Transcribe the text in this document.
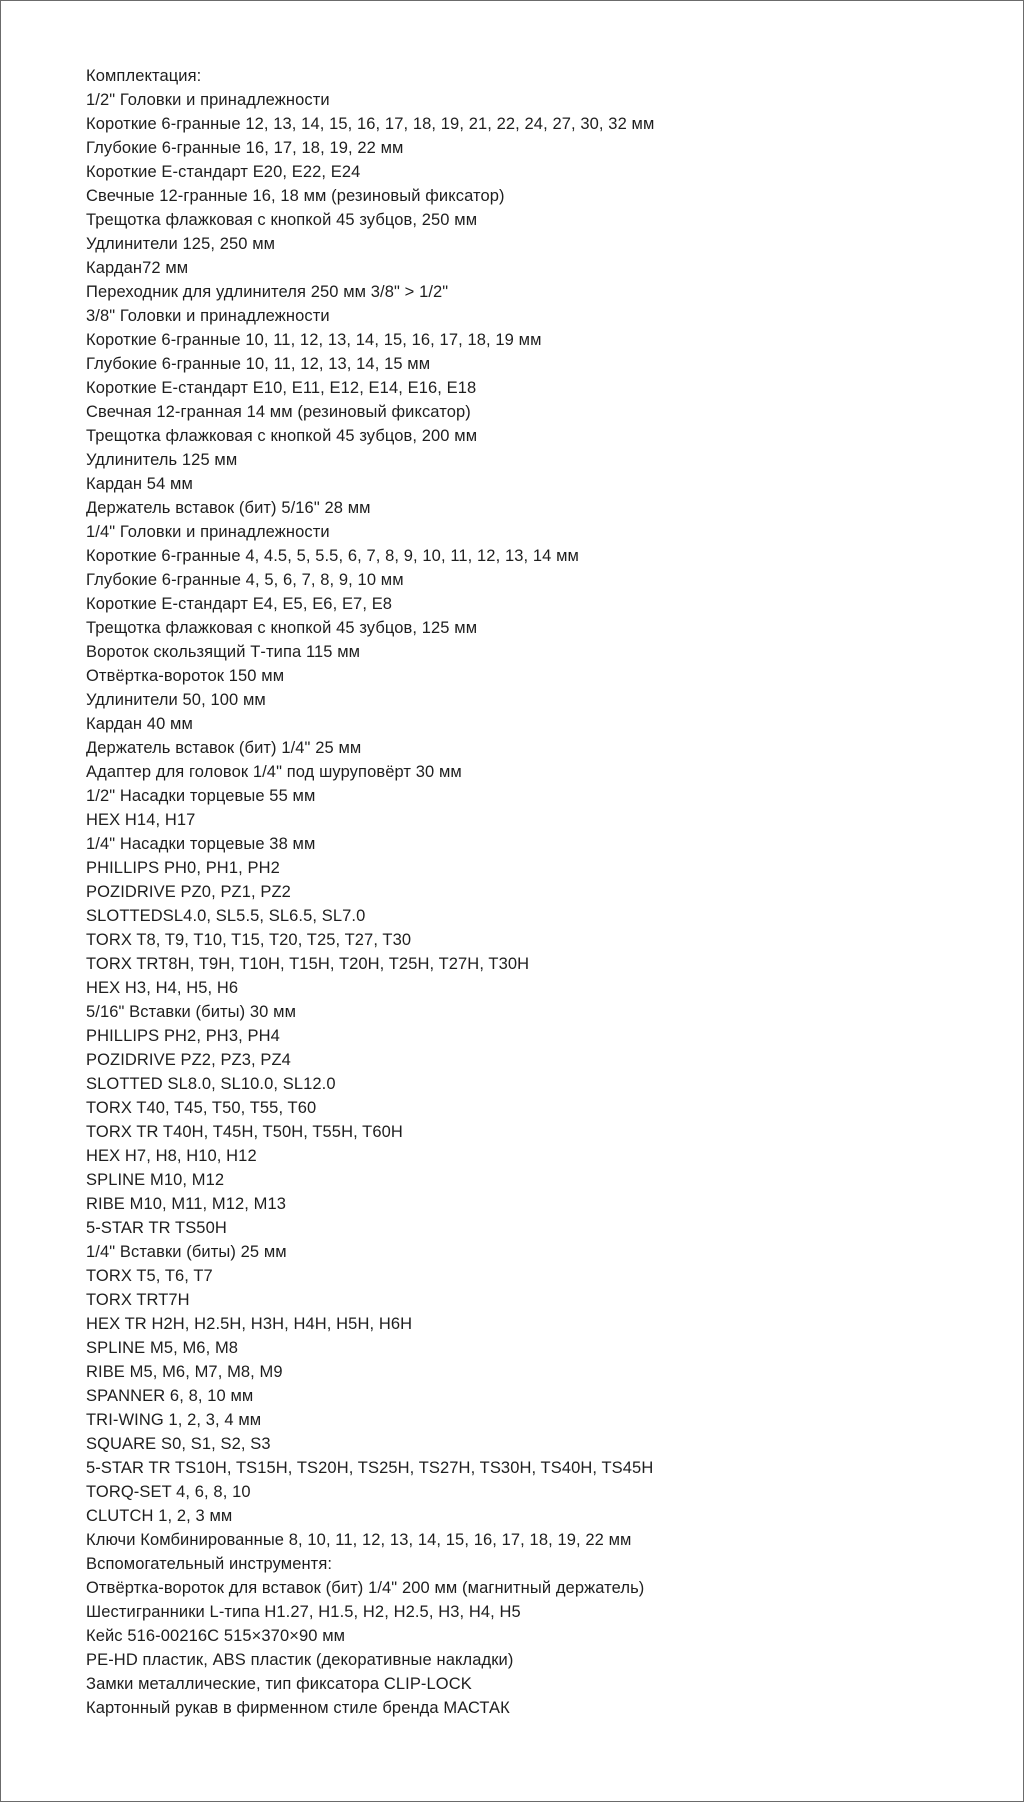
Комплектация:
1/2" Головки и принадлежности
Короткие 6-гранные 12, 13, 14, 15, 16, 17, 18, 19, 21, 22, 24, 27, 30, 32 мм
Глубокие 6-гранные 16, 17, 18, 19, 22 мм
Короткие E-стандарт E20, E22, E24
Свечные 12-гранные 16, 18 мм (резиновый фиксатор)
Трещотка флажковая с кнопкой 45 зубцов, 250 мм
Удлинители 125, 250 мм
Кардан72 мм
Переходник для удлинителя 250 мм 3/8" > 1/2"
3/8" Головки и принадлежности
Короткие 6-гранные 10, 11, 12, 13, 14, 15, 16, 17, 18, 19 мм
Глубокие 6-гранные 10, 11, 12, 13, 14, 15 мм
Короткие E-стандарт E10, E11, E12, E14, E16, E18
Свечная 12-гранная 14 мм (резиновый фиксатор)
Трещотка флажковая с кнопкой 45 зубцов, 200 мм
Удлинитель 125 мм
Кардан 54 мм
Держатель вставок (бит) 5/16" 28 мм
1/4" Головки и принадлежности
Короткие 6-гранные 4, 4.5, 5, 5.5, 6, 7, 8, 9, 10, 11, 12, 13, 14 мм
Глубокие 6-гранные 4, 5, 6, 7, 8, 9, 10 мм
Короткие E-стандарт E4, E5, E6, E7, E8
Трещотка флажковая с кнопкой 45 зубцов, 125 мм
Вороток скользящий Т-типа 115 мм
Отвёртка-вороток 150 мм
Удлинители 50, 100 мм
Кардан 40 мм
Держатель вставок (бит) 1/4" 25 мм
Адаптер для головок 1/4" под шуруповёрт 30 мм
1/2" Насадки торцевые 55 мм
HEX H14, H17
1/4" Насадки торцевые 38 мм
PHILLIPS PH0, PH1, PH2
POZIDRIVE PZ0, PZ1, PZ2
SLOTTEDSL4.0, SL5.5, SL6.5, SL7.0
TORX T8, T9, T10, T15, T20, T25, T27, T30
TORX TRT8H, T9H, T10H, T15H, T20H, T25H, T27H, T30H
HEX H3, H4, H5, H6
5/16" Вставки (биты) 30 мм
PHILLIPS PH2, PH3, PH4
POZIDRIVE PZ2, PZ3, PZ4
SLOTTED SL8.0, SL10.0, SL12.0
TORX T40, T45, T50, T55, T60
TORX TR T40H, T45H, T50H, T55H, T60H
HEX H7, H8, H10, H12
SPLINE M10, M12
RIBE M10, M11, M12, M13
5-STAR TR TS50H
1/4" Вставки (биты) 25 мм
TORX T5, T6, T7
TORX TRT7H
HEX TR H2H, H2.5H, H3H, H4H, H5H, H6H
SPLINE M5, M6, M8
RIBE M5, M6, M7, M8, M9
SPANNER 6, 8, 10 мм
TRI-WING 1, 2, 3, 4 мм
SQUARE S0, S1, S2, S3
5-STAR TR TS10H, TS15H, TS20H, TS25H, TS27H, TS30H, TS40H, TS45H
TORQ-SET 4, 6, 8, 10
CLUTCH 1, 2, 3 мм
Ключи Комбинированные 8, 10, 11, 12, 13, 14, 15, 16, 17, 18, 19, 22 мм
Вспомогательный инструментя:
Отвёртка-вороток для вставок (бит) 1/4" 200 мм (магнитный держатель)
Шестигранники L-типа H1.27, H1.5, H2, H2.5, H3, H4, H5
Кейс 516-00216C 515×370×90 мм
PE-HD пластик, ABS пластик (декоративные накладки)
Замки металлические, тип фиксатора CLIP-LOCK
Картонный рукав в фирменном стиле бренда МАСТАК
